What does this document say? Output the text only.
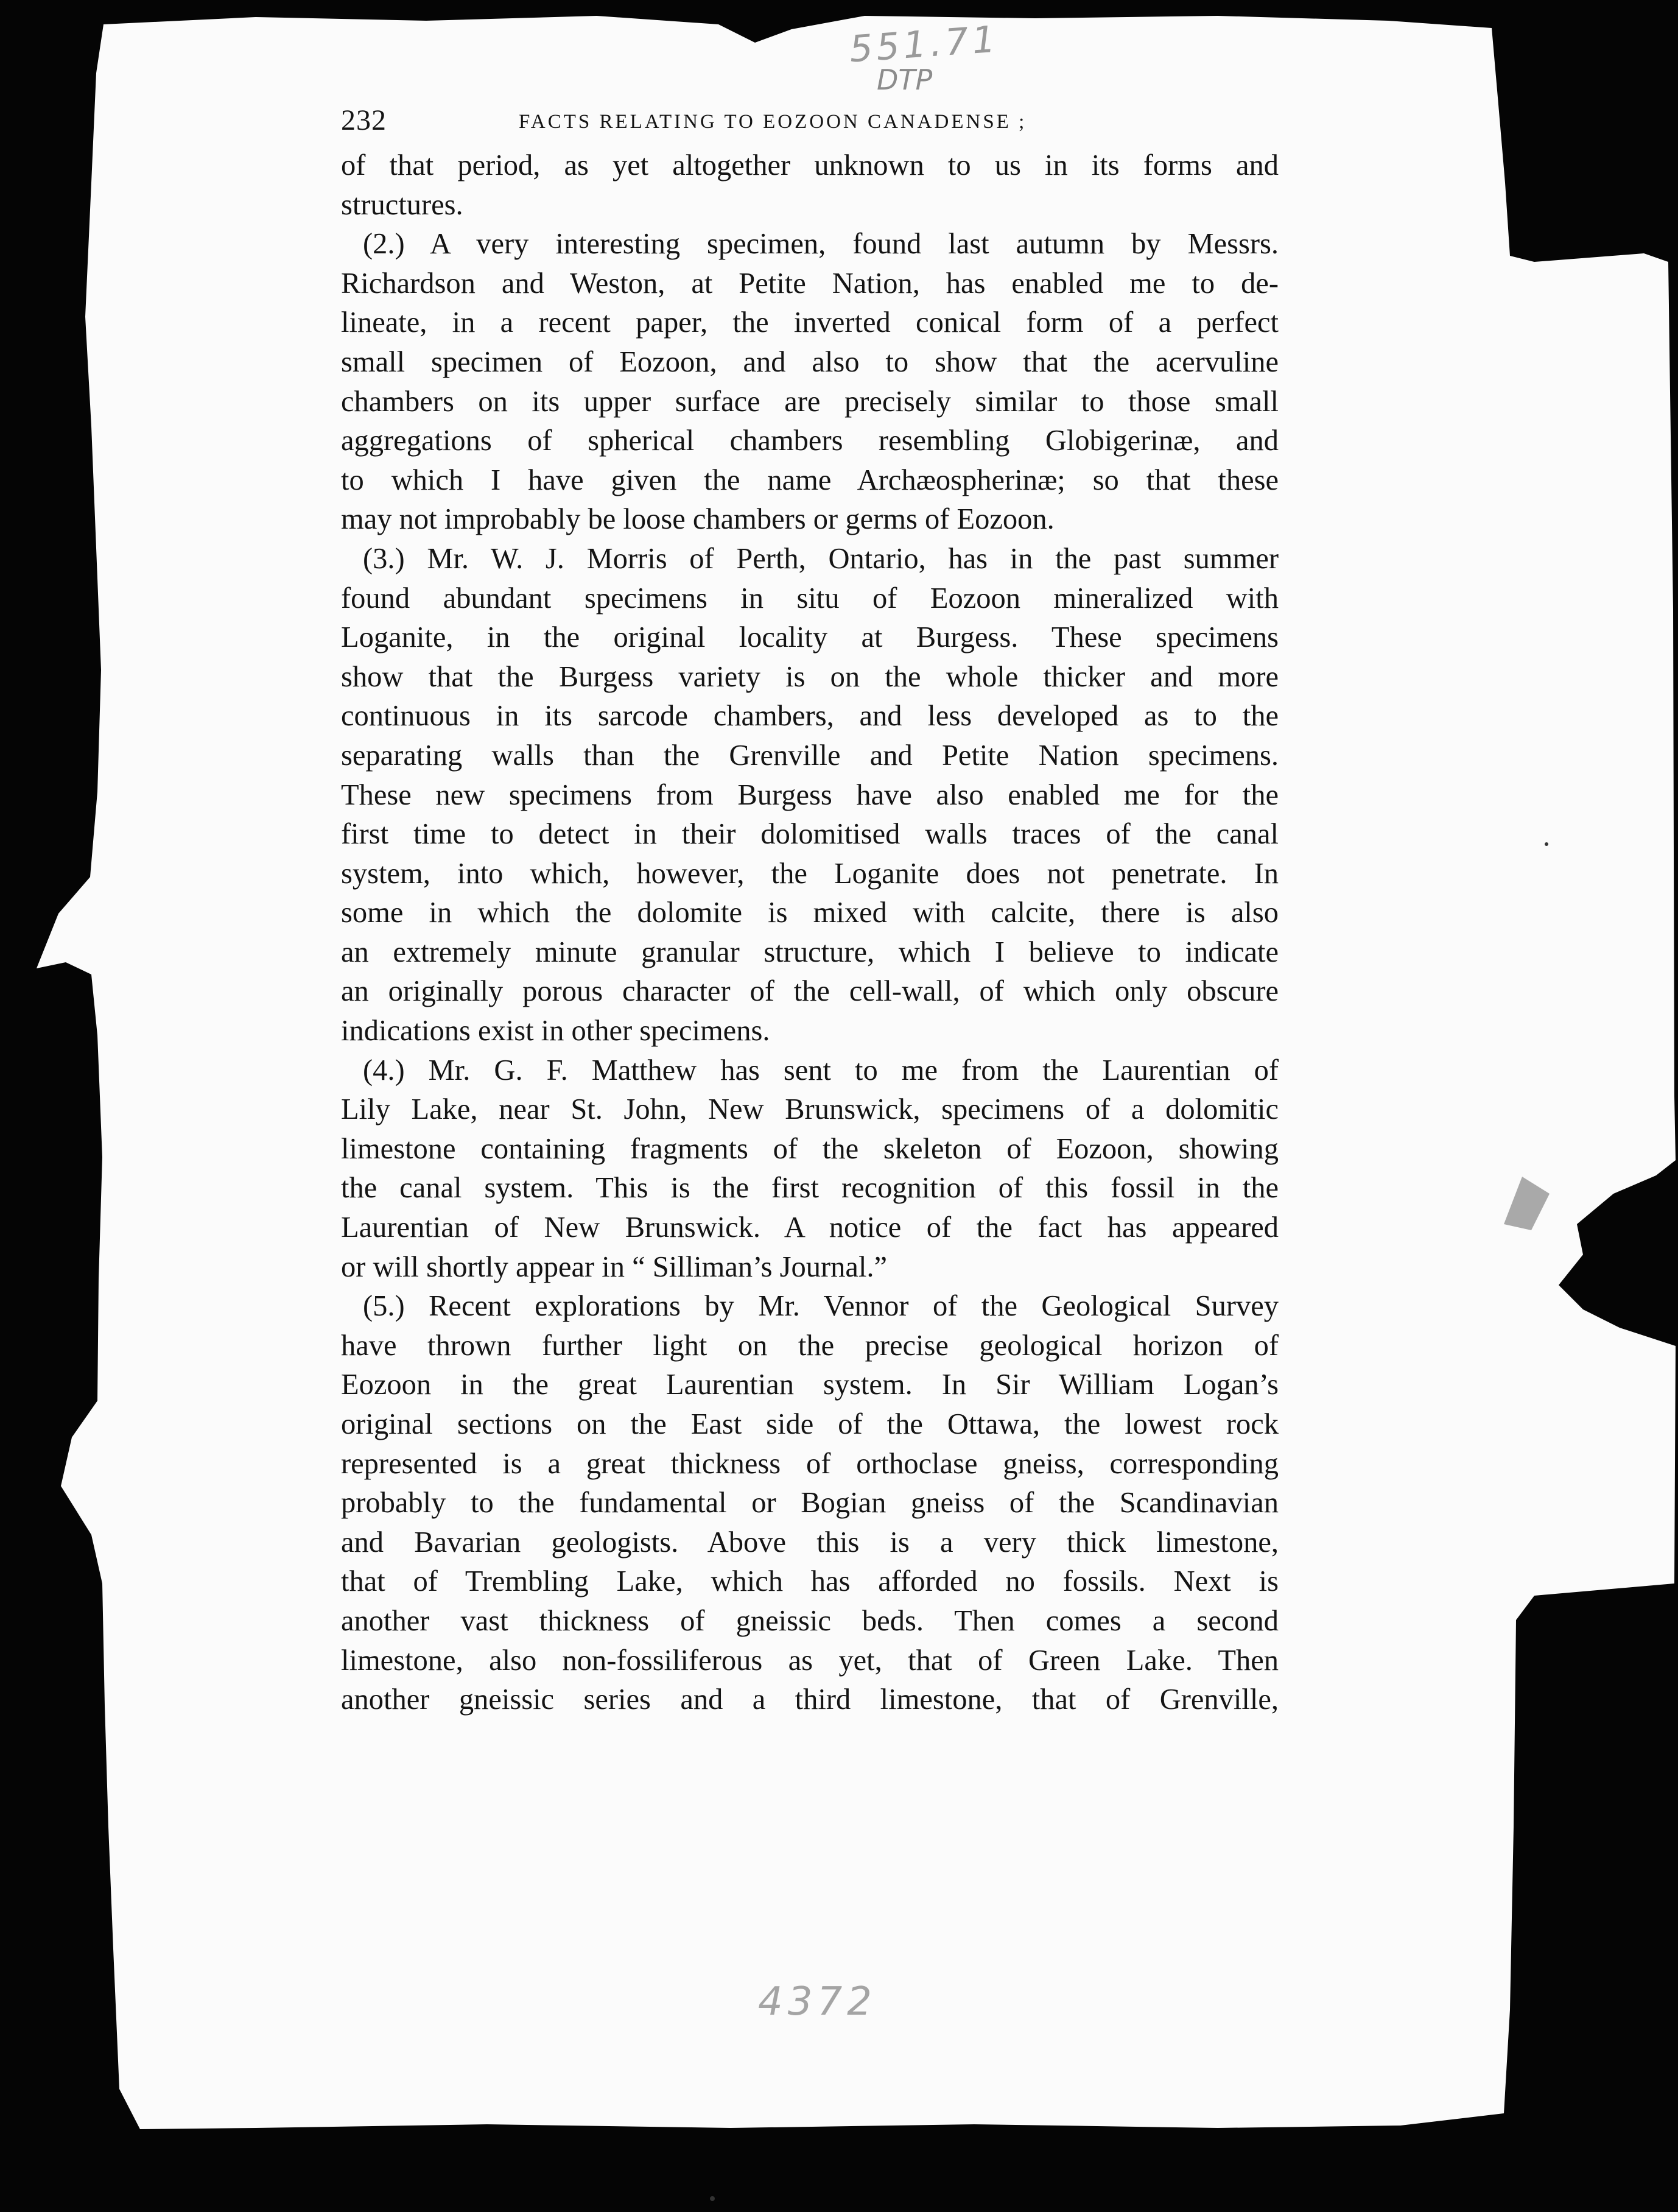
551.71
DTP
4372
232	FACTS RELATING TO EOZOON CANADENSE ;

of that period, as yet altogether unknown to us in its forms and
structures.

(2.) A very interesting specimen, found last autumn by Messrs.
Richardson and Weston, at Petite Nation, has enabled me to de-
lineate, in a recent paper, the inverted conical form of a perfect
small specimen of Eozoon, and also to show that the acervuline
chambers on its upper surface are precisely similar to those small
aggregations of spherical chambers resembling Globigerinæ, and
to which I have given the name Archæospherinæ; so that these
may not improbably be loose chambers or germs of Eozoon.

(3.) Mr. W. J. Morris of Perth, Ontario, has in the past summer
found abundant specimens in situ of Eozoon mineralized with
Loganite, in the original locality at Burgess. These specimens
show that the Burgess variety is on the whole thicker and more
continuous in its sarcode chambers, and less developed as to the
separating walls than the Grenville and Petite Nation specimens.
These new specimens from Burgess have also enabled me for the
first time to detect in their dolomitised walls traces of the canal
system, into which, however, the Loganite does not penetrate. In
some in which the dolomite is mixed with calcite, there is also
an extremely minute granular structure, which I believe to indicate
an originally porous character of the cell-wall, of which only obscure
indications exist in other specimens.

(4.) Mr. G. F. Matthew has sent to me from the Laurentian of
Lily Lake, near St. John, New Brunswick, specimens of a dolomitic
limestone containing fragments of the skeleton of Eozoon, showing
the canal system. This is the first recognition of this fossil in the
Laurentian of New Brunswick. A notice of the fact has appeared
or will shortly appear in “ Silliman’s Journal.”

(5.) Recent explorations by Mr. Vennor of the Geological Survey
have thrown further light on the precise geological horizon of
Eozoon in the great Laurentian system. In Sir William Logan’s
original sections on the East side of the Ottawa, the lowest rock
represented is a great thickness of orthoclase gneiss, corresponding
probably to the fundamental or Bogian gneiss of the Scandinavian
and Bavarian geologists. Above this is a very thick limestone,
that of Trembling Lake, which has afforded no fossils. Next is
another vast thickness of gneissic beds. Then comes a second
limestone, also non-fossiliferous as yet, that of Green Lake. Then
another gneissic series and a third limestone, that of Grenville,
